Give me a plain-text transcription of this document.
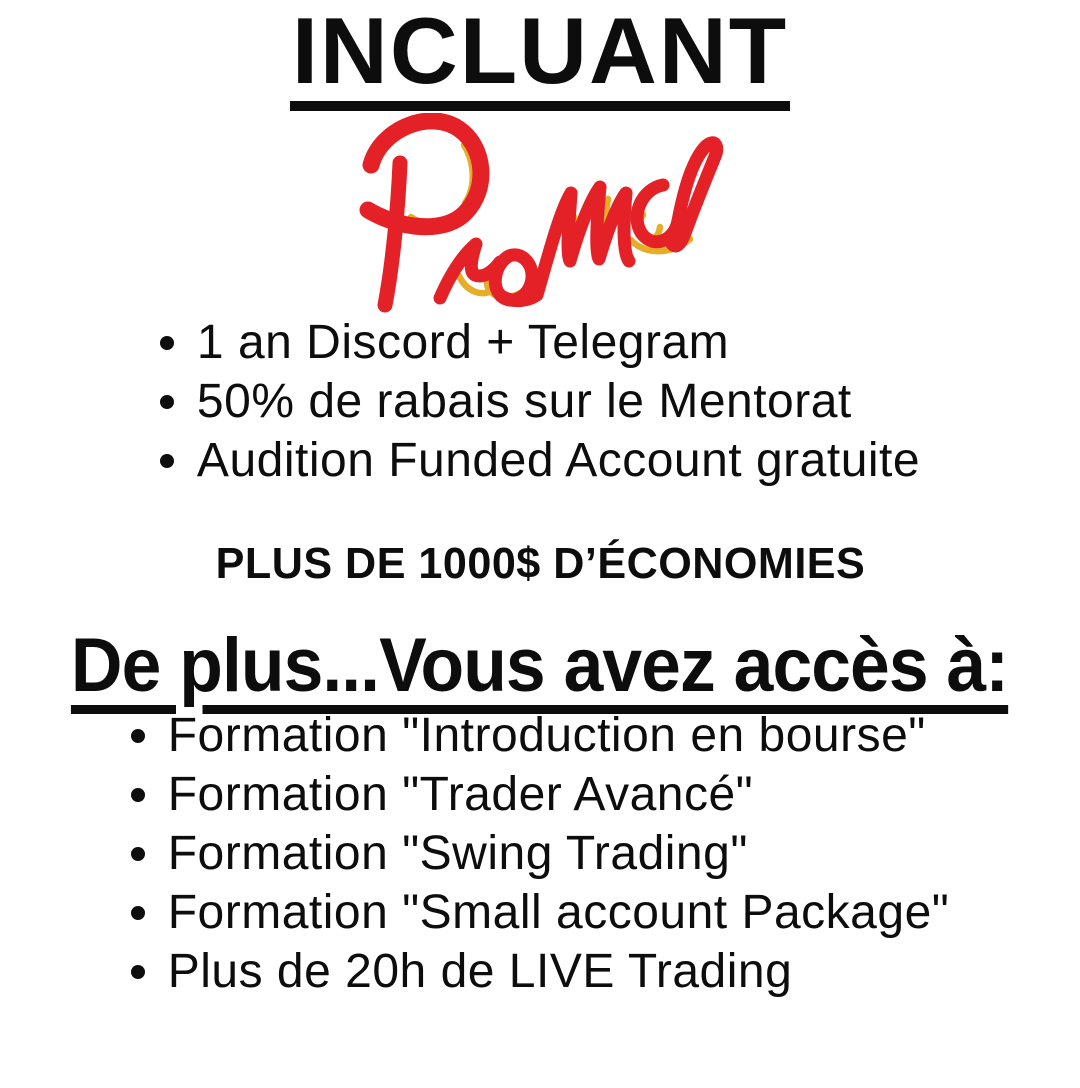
INCLUANT
1 an Discord + Telegram
50% de rabais sur le Mentorat
Audition Funded Account gratuite

PLUS DE 1000$ D’ÉCONOMIES

De plus...Vous avez accès à:
Formation "Introduction en bourse"
Formation "Trader Avancé"
Formation "Swing Trading"
Formation "Small account Package"
Plus de 20h de LIVE Trading
